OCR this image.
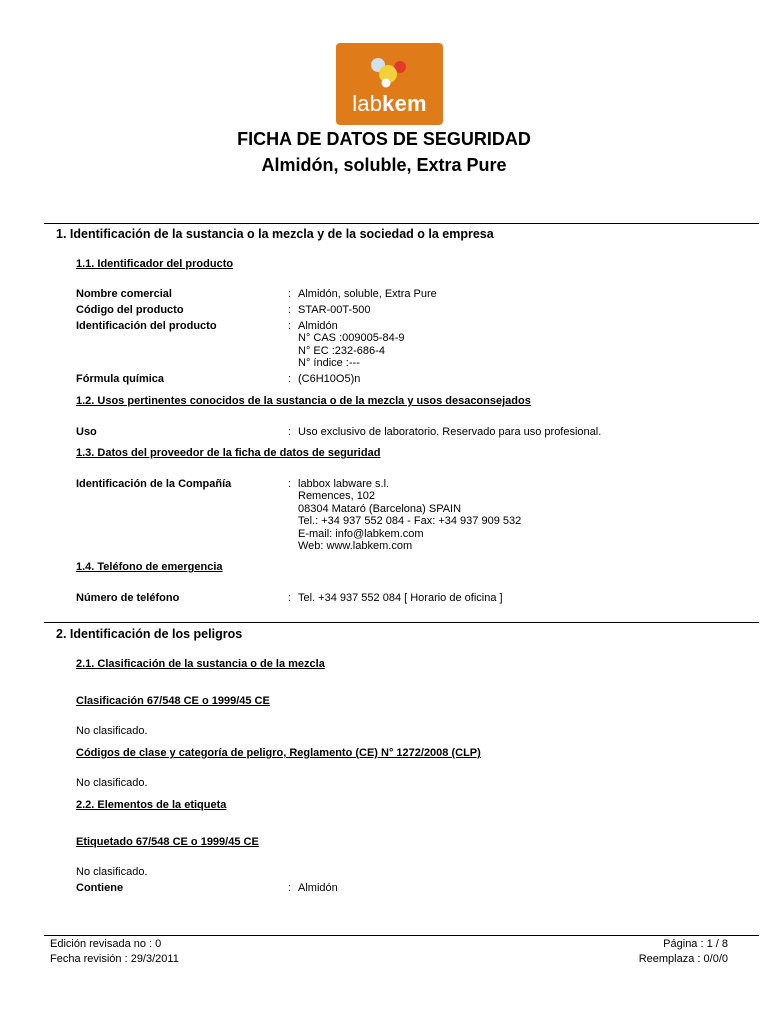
labkem
FICHA DE DATOS DE SEGURIDAD
Almidón, soluble, Extra Pure
1. Identificación de la sustancia o la mezcla y de la sociedad o la empresa
1.1. Identificador del producto
Nombre comercial	: Almidón, soluble, Extra Pure
Código del producto	: STAR-00T-500
Identificación del producto	: Almidón
N° CAS :009005-84-9
N° EC :232-686-4
N° índice :---
Fórmula química	: (C6H10O5)n
1.2. Usos pertinentes conocidos de la sustancia o de la mezcla y usos desaconsejados
Uso	: Uso exclusivo de laboratorio. Reservado para uso profesional.
1.3. Datos del proveedor de la ficha de datos de seguridad
Identificación de la Compañía	: labbox labware s.l.
Remences, 102
08304 Mataró (Barcelona) SPAIN
Tel.: +34 937 552 084 - Fax: +34 937 909 532
E-mail: info@labkem.com
Web: www.labkem.com
1.4. Teléfono de emergencia
Número de teléfono	: Tel. +34 937 552 084 [ Horario de oficina ]
2. Identificación de los peligros
2.1. Clasificación de la sustancia o de la mezcla
Clasificación 67/548 CE o 1999/45 CE
No clasificado.
Códigos de clase y categoría de peligro, Reglamento (CE) N° 1272/2008 (CLP)
No clasificado.
2.2. Elementos de la etiqueta
Etiquetado 67/548 CE o 1999/45 CE
No clasificado.
Contiene	: Almidón
Edición revisada no : 0
Fecha revisión : 29/3/2011
Página : 1 / 8
Reemplaza : 0/0/0
